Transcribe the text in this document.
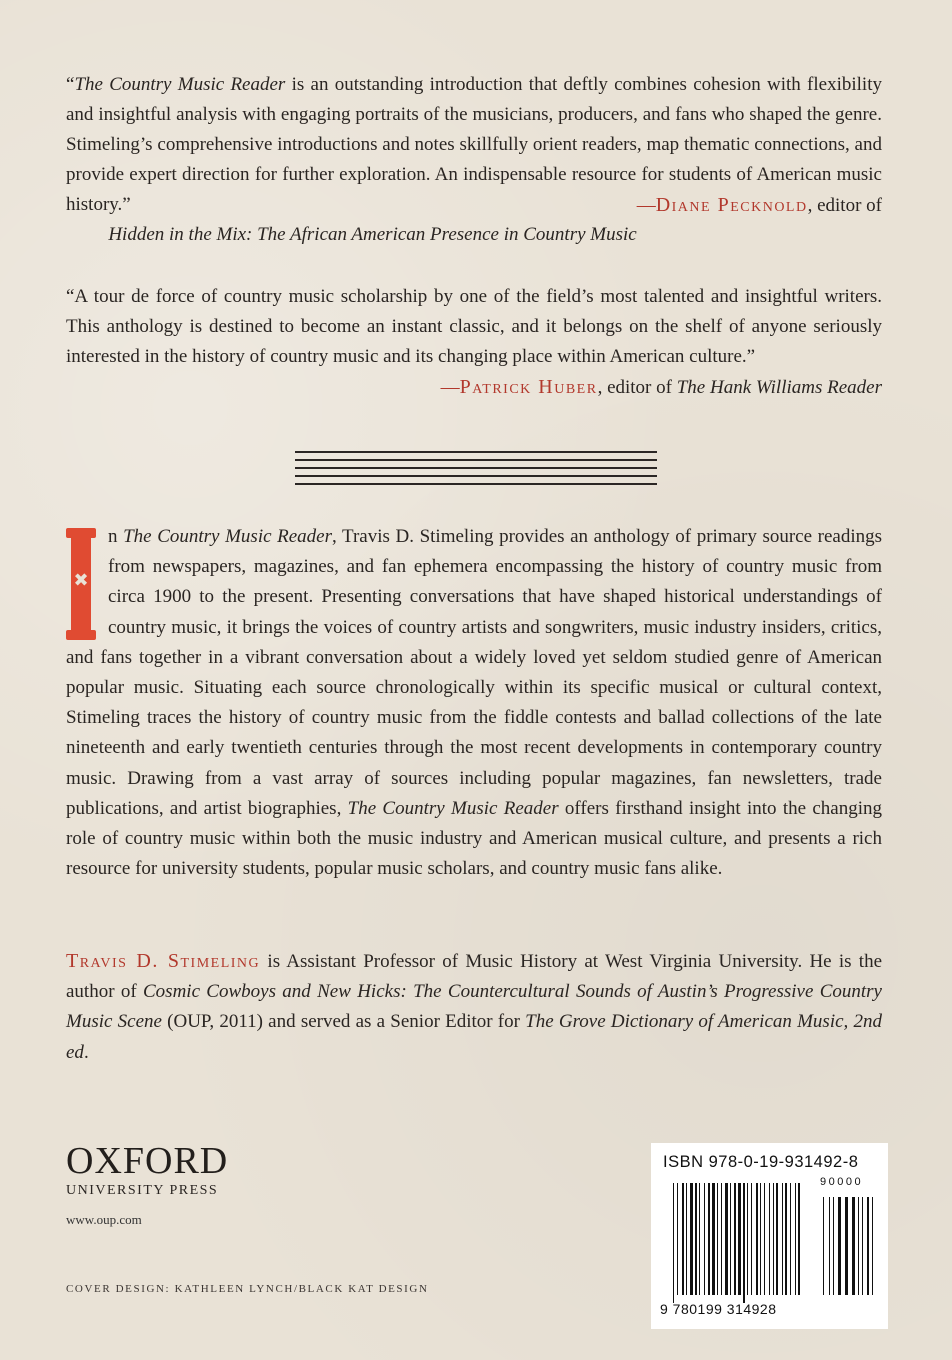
“The Country Music Reader is an outstanding introduction that deftly combines cohesion with flexibility and insightful analysis with engaging portraits of the musicians, producers, and fans who shaped the genre. Stimeling’s comprehensive introductions and notes skillfully orient readers, map thematic connections, and provide expert direction for further exploration. An indispensable resource for students of American music history.”	—Diane Pecknold, editor of
Hidden in the Mix: The African American Presence in Country Music
“A tour de force of country music scholarship by one of the field’s most talented and insightful writers. This anthology is destined to become an instant classic, and it belongs on the shelf of anyone seriously interested in the history of country music and its changing place within American culture.”
—Patrick Huber, editor of The Hank Williams Reader
✖
n The Country Music Reader, Travis D. Stimeling provides an anthology of primary source readings from newspapers, magazines, and fan ephemera encompassing the history of country music from circa 1900 to the present. Presenting conversations that have shaped historical understandings of country music, it brings the voices of country artists and songwriters, music industry insiders, critics, and fans together in a vibrant conversation about a widely loved yet seldom studied genre of American popular music. Situating each source chronologically within its specific musical or cultural context, Stimeling traces the history of country music from the fiddle contests and ballad collections of the late nineteenth and early twentieth centuries through the most recent developments in contemporary country music. Drawing from a vast array of sources including popular magazines, fan newsletters, trade publications, and artist biographies, The Country Music Reader offers firsthand insight into the changing role of country music within both the music industry and American musical culture, and presents a rich resource for university students, popular music scholars, and country music fans alike.
Travis D. Stimeling is Assistant Professor of Music History at West Virginia University. He is the author of Cosmic Cowboys and New Hicks: The Countercultural Sounds of Austin’s Progressive Country Music Scene (OUP, 2011) and served as a Senior Editor for The Grove Dictionary of American Music, 2nd ed.
OXFORD
UNIVERSITY PRESS
www.oup.com
COVER DESIGN: KATHLEEN LYNCH/BLACK KAT DESIGN
ISBN 978-0-19-931492-8
90000
9 780199 314928
